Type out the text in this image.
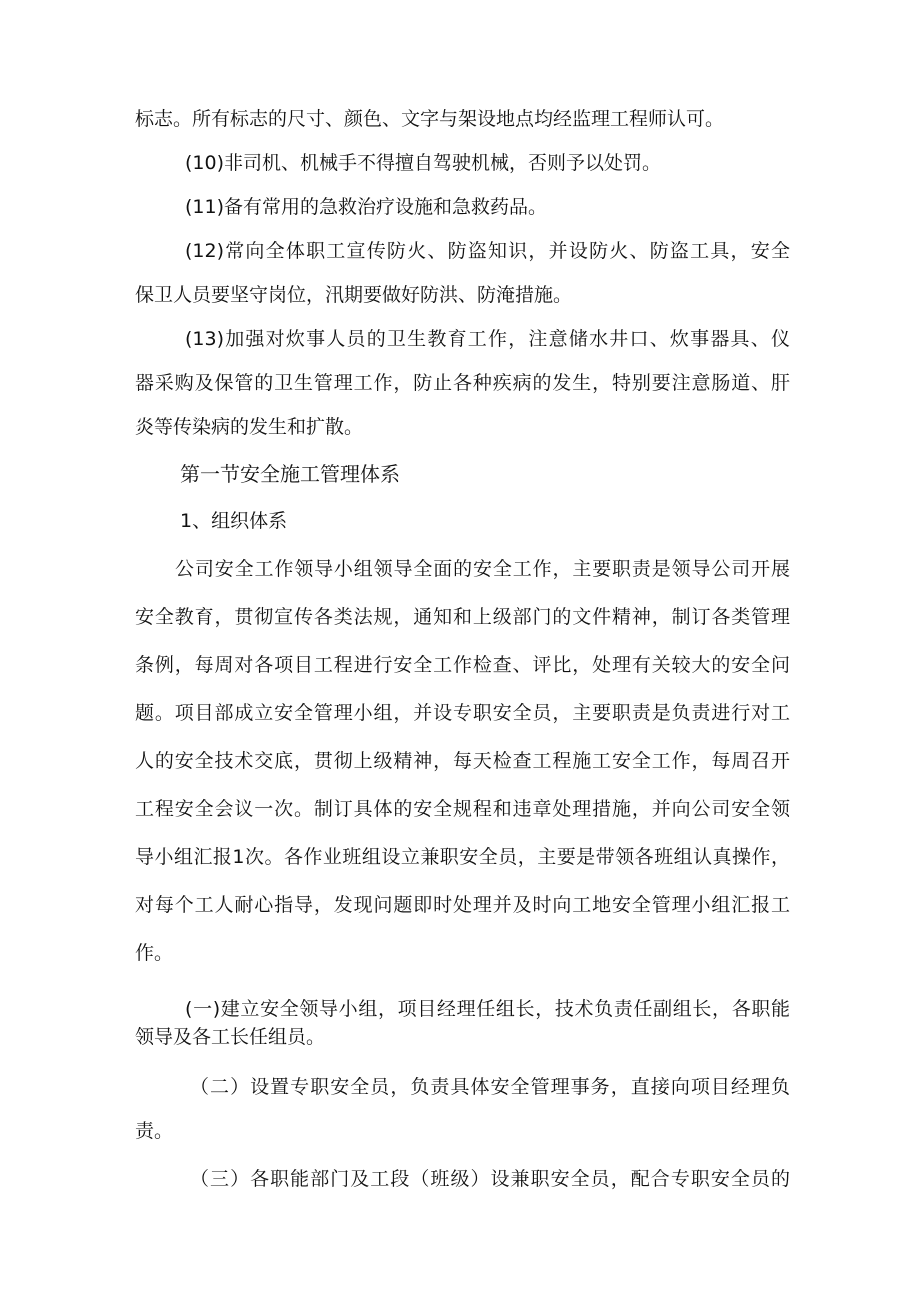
标志。所有标志的尺寸、颜色、文字与架设地点均经监理工程师认可。
(10)非司机、机械手不得擅自驾驶机械，否则予以处罚。
(11)备有常用的急救治疗设施和急救药品。
(12)常向全体职工宣传防火、防盗知识，并设防火、防盗工具，安全
保卫人员要坚守岗位，汛期要做好防洪、防淹措施。
(13)加强对炊事人员的卫生教育工作，注意储水井口、炊事器具、仪
器采购及保管的卫生管理工作，防止各种疾病的发生，特别要注意肠道、肝
炎等传染病的发生和扩散。
第一节安全施工管理体系
1、组织体系
公司安全工作领导小组领导全面的安全工作，主要职责是领导公司开展
安全教育，贯彻宣传各类法规，通知和上级部门的文件精神，制订各类管理
条例，每周对各项目工程进行安全工作检查、评比，处理有关较大的安全问
题。项目部成立安全管理小组，并设专职安全员，主要职责是负责进行对工
人的安全技术交底，贯彻上级精神，每天检查工程施工安全工作，每周召开
工程安全会议一次。制订具体的安全规程和违章处理措施，并向公司安全领
导小组汇报1次。各作业班组设立兼职安全员，主要是带领各班组认真操作，
对每个工人耐心指导，发现问题即时处理并及时向工地安全管理小组汇报工
作。
(一)建立安全领导小组，项目经理任组长，技术负责任副组长，各职能
领导及各工长任组员。
（二）设置专职安全员，负责具体安全管理事务，直接向项目经理负
责。
（三）各职能部门及工段（班级）设兼职安全员，配合专职安全员的
